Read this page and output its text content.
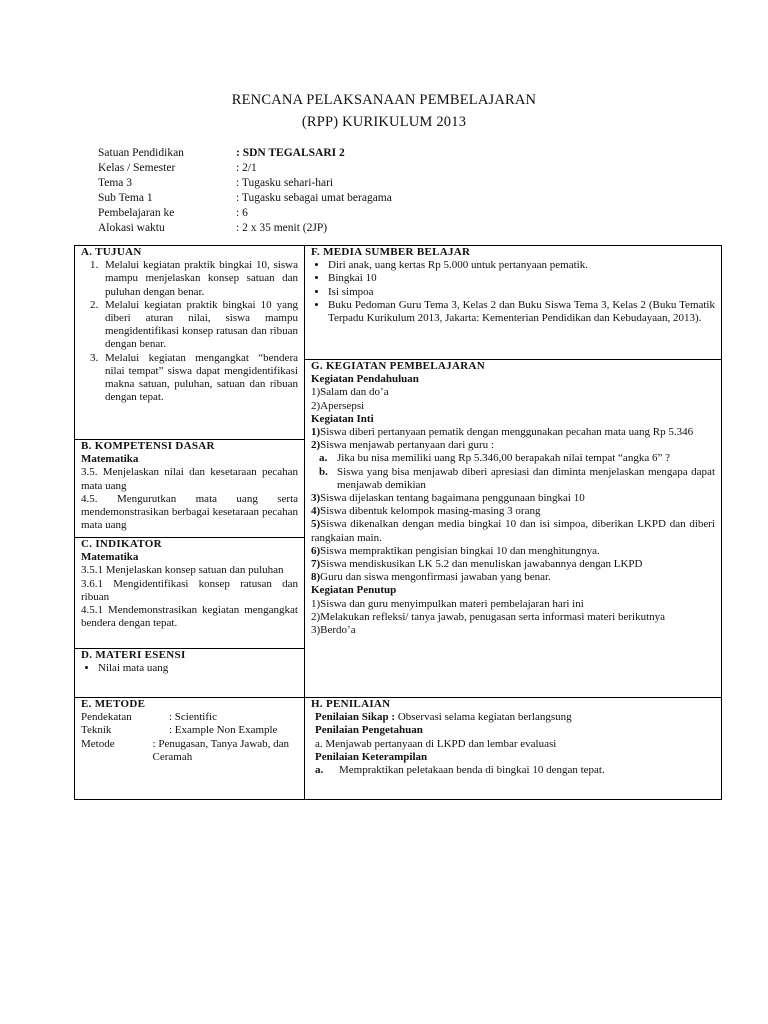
RENCANA PELAKSANAAN PEMBELAJARAN
(RPP) KURIKULUM 2013
Satuan Pendidikan	: SDN TEGALSARI 2
Kelas / Semester	: 2/1
Tema 3	: Tugasku sehari-hari
Sub Tema 1	: Tugasku sebagai umat beragama
Pembelajaran ke	: 6
Alokasi waktu	: 2 x 35 menit (2JP)
A. TUJUAN
1. Melalui kegiatan praktik bingkai 10, siswa mampu menjelaskan konsep satuan dan puluhan dengan benar.
2. Melalui kegiatan praktik bingkai 10 yang diberi aturan nilai, siswa mampu mengidentifikasi konsep ratusan dan ribuan dengan benar.
3. Melalui kegiatan mengangkat “bendera nilai tempat” siswa dapat mengidentifikasi makna satuan, puluhan, satuan dan ribuan dengan tepat.
B. KOMPETENSI DASAR
Matematika
3.5. Menjelaskan nilai dan kesetaraan pecahan mata uang
4.5. Mengurutkan mata uang serta mendemonstrasikan berbagai kesetaraan pecahan mata uang
C. INDIKATOR
Matematika
3.5.1 Menjelaskan konsep satuan dan puluhan
3.6.1 Mengidentifikasi konsep ratusan dan ribuan
4.5.1 Mendemonstrasikan kegiatan mengangkat bendera dengan tepat.
D. MATERI ESENSI
• Nilai mata uang
E. METODE
Pendekatan	: Scientific
Teknik	: Example Non Example
Metode	: Penugasan, Tanya Jawab, dan Ceramah
F. MEDIA SUMBER BELAJAR
• Diri anak, uang kertas Rp 5.000 untuk pertanyaan pematik.
• Bingkai 10
• Isi simpoa
• Buku Pedoman Guru Tema 3, Kelas 2 dan Buku Siswa Tema 3, Kelas 2 (Buku Tematik Terpadu Kurikulum 2013, Jakarta: Kementerian Pendidikan dan Kebudayaan, 2013).
G. KEGIATAN PEMBELAJARAN
Kegiatan Pendahuluan
1)Salam dan do’a
2)Apersepsi
Kegiatan Inti
1)Siswa diberi pertanyaan pematik dengan menggunakan pecahan mata uang Rp 5.346
2)Siswa menjawab pertanyaan dari guru :
a. Jika bu nisa memiliki uang Rp 5.346,00 berapakah nilai tempat “angka 6” ?
b. Siswa yang bisa menjawab diberi apresiasi dan diminta menjelaskan mengapa dapat menjawab demikian
3)Siswa dijelaskan tentang bagaimana penggunaan bingkai 10
4)Siswa dibentuk kelompok masing-masing 3 orang
5)Siswa dikenalkan dengan media bingkai 10 dan isi simpoa, diberikan LKPD dan diberi rangkaian main.
6)Siswa mempraktikan pengisian bingkai 10 dan menghitungnya.
7)Siswa mendiskusikan LK 5.2 dan menuliskan jawabannya dengan LKPD
8)Guru dan siswa mengonfirmasi jawaban yang benar.
Kegiatan Penutup
1)Siswa dan guru menyimpulkan materi pembelajaran hari ini
2)Melakukan refleksi/ tanya jawab, penugasan serta informasi materi berikutnya
3)Berdo’a
H. PENILAIAN
Penilaian Sikap : Observasi selama kegiatan berlangsung
Penilaian Pengetahuan
a. Menjawab pertanyaan di LKPD dan lembar evaluasi
Penilaian Keterampilan
a.	Mempraktikan peletakaan benda di bingkai 10 dengan tepat.
